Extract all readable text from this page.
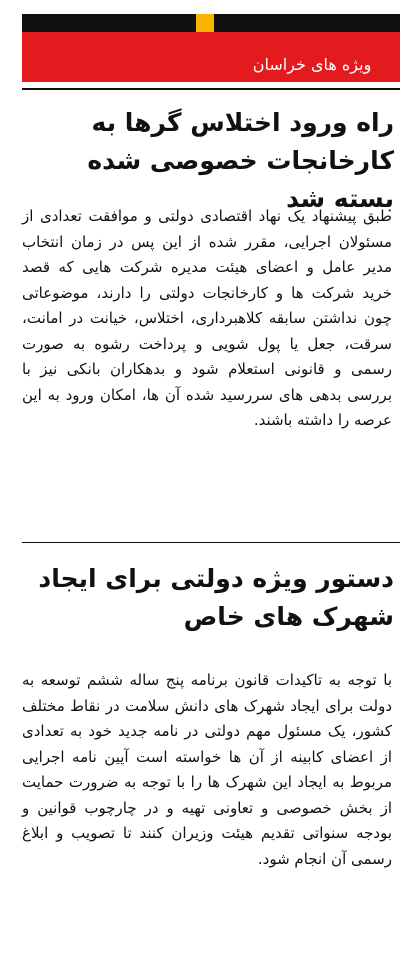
ویژه های خراسان
راه ورود اختلاس گرها به کارخانجات خصوصی شده بسته شد

طبق پیشنهاد یک نهاد اقتصادی دولتی و موافقت تعدادی از مسئولان اجرایی، مقرر شده از این پس در زمان انتخاب مدیر عامل و اعضای هیئت مدیره شرکت هایی که قصد خرید شرکت ها و کارخانجات دولتی را دارند، موضوعاتی چون نداشتن سابقه کلاهبرداری، اختلاس، خیانت در امانت، سرقت، جعل یا پول شویی و پرداخت رشوه به صورت رسمی و قانونی استعلام شود و بدهکاران بانکی نیز با بررسی بدهی های سررسید شده آن ها، امکان ورود به این عرصه را داشته باشند.

دستور ویژه دولتی برای ایجاد شهرک های خاص

با توجه به تاکیدات قانون برنامه پنج ساله ششم توسعه به دولت برای ایجاد شهرک های دانش سلامت در نقاط مختلف کشور، یک مسئول مهم دولتی در نامه جدید خود به تعدادی از اعضای کابینه از آن ها خواسته است آیین نامه اجرایی مربوط به ایجاد این شهرک ها را با توجه به ضرورت حمایت از بخش خصوصی و تعاونی تهیه و در چارچوب قوانین و بودجه سنواتی تقدیم هیئت وزیران کنند تا تصویب و ابلاغ رسمی آن انجام شود.
